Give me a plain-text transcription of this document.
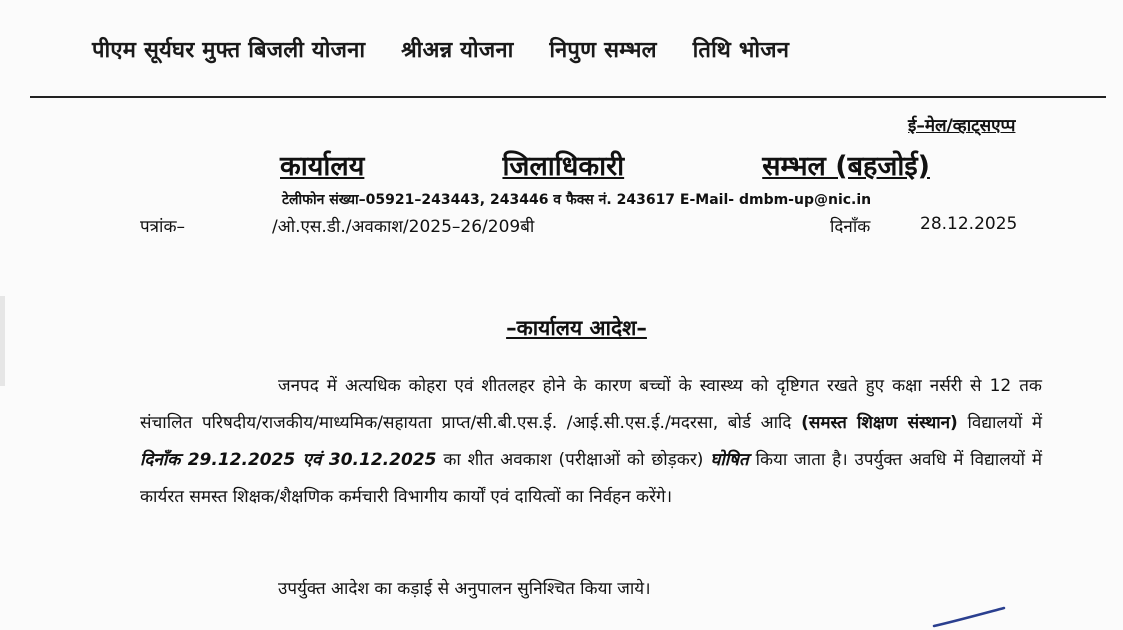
पीएम सूर्यघर मुफ्त बिजली योजना श्रीअन्न योजना निपुण सम्भल तिथि भोजन
ई–मेल/व्हाट्सएप्प
कार्यालय	जिलाधिकारी	सम्भल (बहजोई)
टेलीफोन संख्या–05921–243443, 243446 व फैक्स नं. 243617 E-Mail- dmbm-up@nic.in
पत्रांक–	/ओ.एस.डी./अवकाश/2025–26/209बी	दिनाँक	28.12.2025
–कार्यालय आदेश–
जनपद में अत्यधिक कोहरा एवं शीतलहर होने के कारण बच्चों के स्वास्थ्य को दृष्टिगत रखते हुए कक्षा नर्सरी से 12 तक संचालित परिषदीय/राजकीय/माध्यमिक/सहायता प्राप्त/सी.बी.एस.ई. /आई.सी.एस.ई./मदरसा, बोर्ड आदि (समस्त शिक्षण संस्थान) विद्यालयों में दिनाँक 29.12.2025 एवं 30.12.2025 का शीत अवकाश (परीक्षाओं को छोड़कर) घोषित किया जाता है। उपर्युक्त अवधि में विद्यालयों में कार्यरत समस्त शिक्षक/शैक्षणिक कर्मचारी विभागीय कार्यों एवं दायित्वों का निर्वहन करेंगे।
उपर्युक्त आदेश का कड़ाई से अनुपालन सुनिश्चित किया जाये।
